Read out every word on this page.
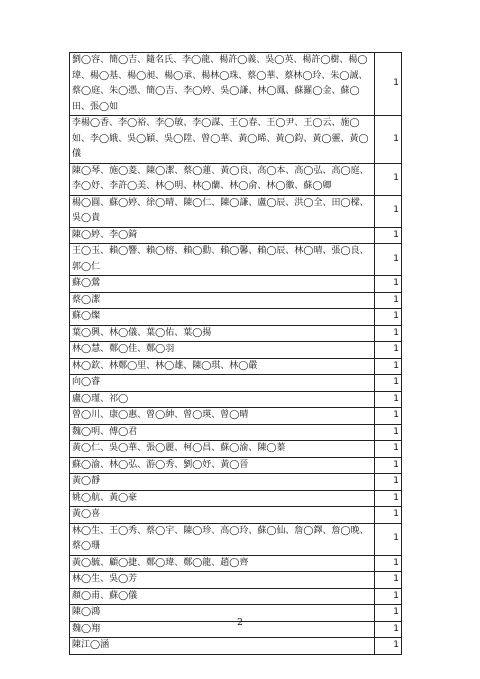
劉◯容、簡◯吉、隨名氏、李◯龍、楊許◯義、吳◯英、楊許◯樹、楊◯瑋、楊◯基、楊◯昶、楊◯承、楊林◯珠、蔡◯華、蔡林◯玲、朱◯誠、蔡◯庭、朱◯憑、簡◯吉、李◯婷、吳◯謙、林◯鳳、蘇羅◯金、蘇◯田、張◯如	1
李楊◯香、李◯裕、李◯敏、李◯謀、王◯春、王◯尹、王◯云、施◯如、李◯娥、吳◯穎、吳◯陞、曾◯華、黃◯晞、黃◯鈞、黃◯靈、黃◯儀	1
陳◯琴、施◯菱、陳◯潔、蔡◯蓮、黃◯良、高◯本、高◯弘、高◯庭、李◯妤、李許◯美、林◯明、林◯蘭、林◯俞、林◯徽、蘇◯卿	1
楊◯圓、蘇◯婷、徐◯晴、陳◯仁、陳◯謙、盧◯辰、洪◯全、田◯樑、吳◯貴	1
陳◯婷、李◯錡	1
王◯玉、賴◯響、賴◯榕、賴◯勳、賴◯馨、賴◯辰、林◯晴、張◯良、郭◯仁	1
蘇◯鶯	1
蔡◯潔	1
蘇◯燦	1
葉◯興、林◯儀、葉◯佑、葉◯揚	1
林◯慧、鄭◯佳、鄭◯羽	1
林◯欽、林鄭◯里、林◯雄、陳◯琪、林◯嚴	1
向◯睿	1
盧◯瑾、祁◯	1
曾◯川、康◯惠、曾◯紳、曾◯瑛、曾◯晴	1
魏◯明、傅◯君	1
黃◯仁、吳◯華、張◯麗、柯◯昌、蘇◯渝、陳◯蓁	1
蘇◯渝、林◯弘、游◯秀、劉◯妤、黃◯晉	1
黃◯靜	1
姚◯航、黃◯豪	1
黃◯喜	1
林◯生、王◯秀、蔡◯宇、陳◯珍、高◯玲、蘇◯仙、詹◯鐸、詹◯晚、蔡◯珊	1
黃◯毓、顧◯捷、鄭◯瑋、鄭◯龍、趙◯齊	1
林◯生、吳◯芳	1
顏◯甫、蘇◯儀	1
陳◯鴻	1
魏◯翔	1
陳江◯涵	1
2
